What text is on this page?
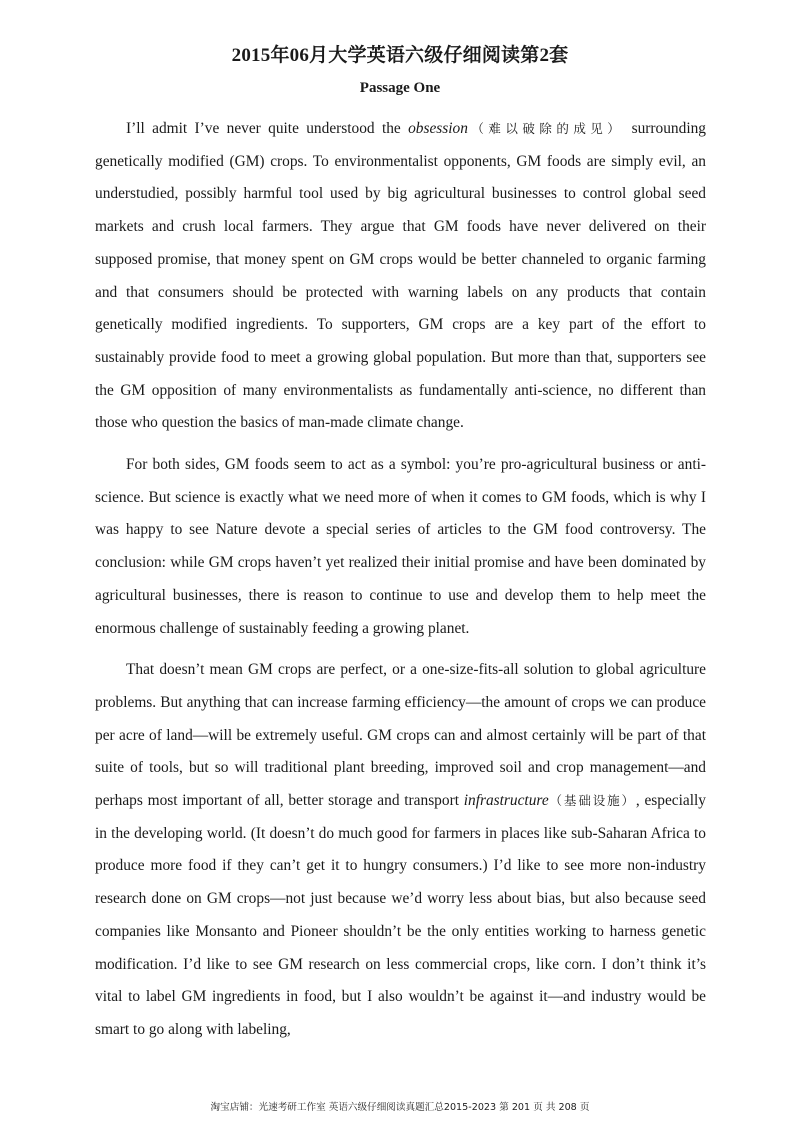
2015年06月大学英语六级仔细阅读第2套
Passage One

I’ll admit I’ve never quite understood the obsession（难以破除的成见） surrounding genetically modified (GM) crops. To environmentalist opponents, GM foods are simply evil, an understudied, possibly harmful tool used by big agricultural businesses to control global seed markets and crush local farmers. They argue that GM foods have never delivered on their supposed promise, that money spent on GM crops would be better channeled to organic farming and that consumers should be protected with warning labels on any products that contain genetically modified ingredients. To supporters, GM crops are a key part of the effort to sustainably provide food to meet a growing global population. But more than that, supporters see the GM opposition of many environmentalists as fundamentally anti-science, no different than those who question the basics of man-made climate change.

For both sides, GM foods seem to act as a symbol: you’re pro-agricultural business or anti-science. But science is exactly what we need more of when it comes to GM foods, which is why I was happy to see Nature devote a special series of articles to the GM food controversy. The conclusion: while GM crops haven’t yet realized their initial promise and have been dominated by agricultural businesses, there is reason to continue to use and develop them to help meet the enormous challenge of sustainably feeding a growing planet.

That doesn’t mean GM crops are perfect, or a one-size-fits-all solution to global agriculture problems. But anything that can increase farming efficiency—the amount of crops we can produce per acre of land—will be extremely useful. GM crops can and almost certainly will be part of that suite of tools, but so will traditional plant breeding, improved soil and crop management—and perhaps most important of all, better storage and transport infrastructure（基础设施）, especially in the developing world. (It doesn’t do much good for farmers in places like sub-Saharan Africa to produce more food if they can’t get it to hungry consumers.) I’d like to see more non-industry research done on GM crops—not just because we’d worry less about bias, but also because seed companies like Monsanto and Pioneer shouldn’t be the only entities working to harness genetic modification. I’d like to see GM research on less commercial crops, like corn. I don’t think it’s vital to label GM ingredients in food, but I also wouldn’t be against it—and industry would be smart to go along with labeling,

淘宝店铺：光速考研工作室 英语六级仔细阅读真题汇总2015-2023 第 201 页 共 208 页
